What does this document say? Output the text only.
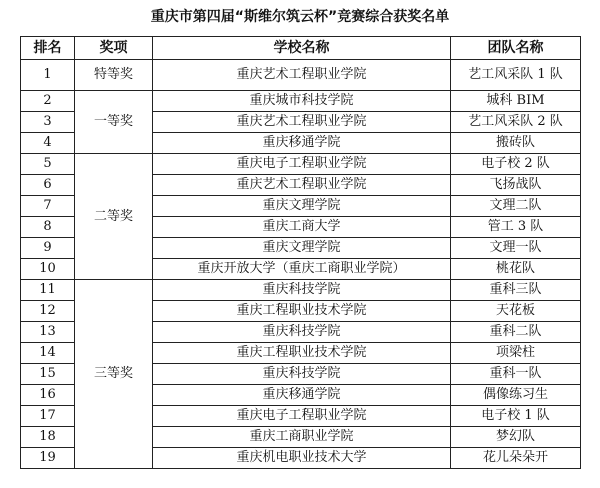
重庆市第四届“斯维尔筑云杯”竞赛综合获奖名单
排名	奖项	学校名称	团队名称
1	特等奖	重庆艺术工程职业学院	艺工风采队 1 队
2	一等奖	重庆城市科技学院	城科 BIM
3		重庆艺术工程职业学院	艺工风采队 2 队
4		重庆移通学院	搬砖队
5	二等奖	重庆电子工程职业学院	电子校 2 队
6		重庆艺术工程职业学院	飞扬战队
7		重庆文理学院	文理二队
8		重庆工商大学	管工 3 队
9		重庆文理学院	文理一队
10		重庆开放大学（重庆工商职业学院）	桃花队
11	三等奖	重庆科技学院	重科三队
12		重庆工程职业技术学院	天花板
13		重庆科技学院	重科二队
14		重庆工程职业技术学院	项梁柱
15		重庆科技学院	重科一队
16		重庆移通学院	偶像练习生
17		重庆电子工程职业学院	电子校 1 队
18		重庆工商职业学院	梦幻队
19		重庆机电职业技术大学	花儿朵朵开
